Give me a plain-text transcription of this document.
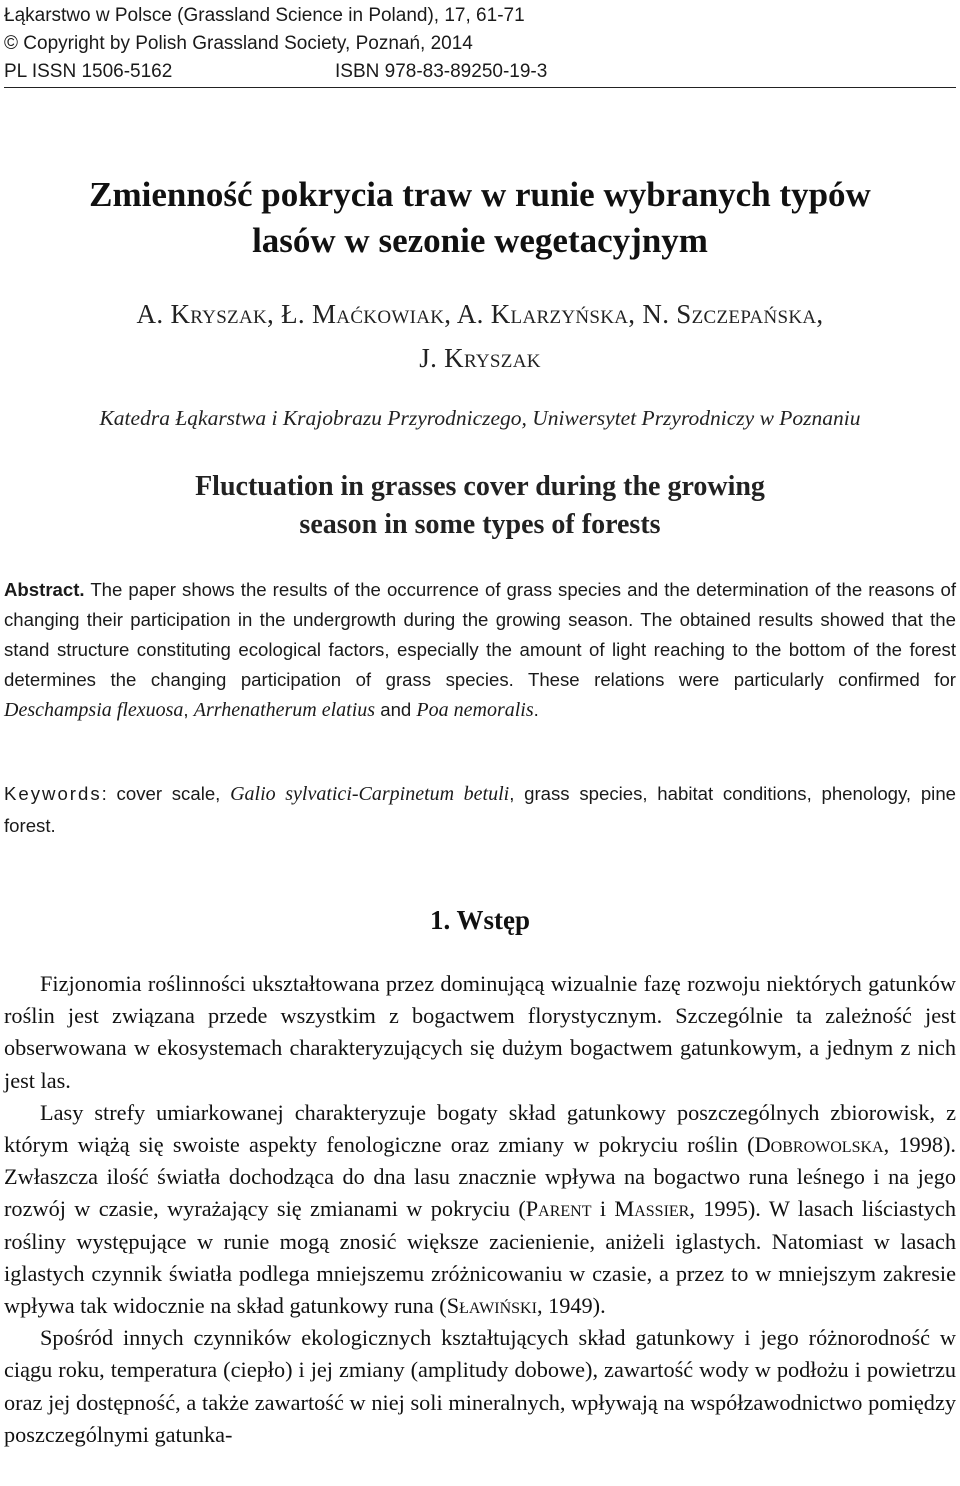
Łąkarstwo w Polsce (Grassland Science in Poland), 17, 61-71
© Copyright by Polish Grassland Society, Poznań, 2014
PL ISSN 1506-5162	ISBN 978-83-89250-19-3
Zmienność pokrycia traw w runie wybranych typów
lasów w sezonie wegetacyjnym
A. Kryszak, Ł. Maćkowiak, A. Klarzyńska, N. Szczepańska,
J. Kryszak
Katedra Łąkarstwa i Krajobrazu Przyrodniczego, Uniwersytet Przyrodniczy w Poznaniu
Fluctuation in grasses cover during the growing
season in some types of forests
Abstract. The paper shows the results of the occurrence of grass species and the determination of the reasons of changing their participation in the undergrowth during the growing season. The obtained results showed that the stand structure constituting ecological factors, especially the amount of light reaching to the bottom of the forest determines the changing participation of grass species. These relations were particularly confirmed for Deschampsia flexuosa, Arrhenatherum elatius and Poa nemoralis.
Keywords: cover scale, Galio sylvatici-Carpinetum betuli, grass species, habitat conditions, phenology, pine forest.
1. Wstęp

Fizjonomia roślinności ukształtowana przez dominującą wizualnie fazę rozwoju niektórych gatunków roślin jest związana przede wszystkim z bogactwem florystycznym. Szczególnie ta zależność jest obserwowana w ekosystemach charakteryzujących się dużym bogactwem gatunkowym, a jednym z nich jest las.

Lasy strefy umiarkowanej charakteryzuje bogaty skład gatunkowy poszczególnych zbiorowisk, z którym wiążą się swoiste aspekty fenologiczne oraz zmiany w pokryciu roślin (Dobrowolska, 1998). Zwłaszcza ilość światła dochodząca do dna lasu znacznie wpływa na bogactwo runa leśnego i na jego rozwój w czasie, wyrażający się zmianami w pokryciu (Parent i Massier, 1995). W lasach liściastych rośliny występujące w runie mogą znosić większe zacienienie, aniżeli iglastych. Natomiast w lasach iglastych czynnik światła podlega mniejszemu zróżnicowaniu w czasie, a przez to w mniejszym zakresie wpływa tak widocznie na skład gatunkowy runa (Sławiński, 1949).

Spośród innych czynników ekologicznych kształtujących skład gatunkowy i jego różnorodność w ciągu roku, temperatura (ciepło) i jej zmiany (amplitudy dobowe), zawartość wody w podłożu i powietrzu oraz jej dostępność, a także zawartość w niej soli mineralnych, wpływają na współzawodnictwo pomiędzy poszczególnymi gatunka-
